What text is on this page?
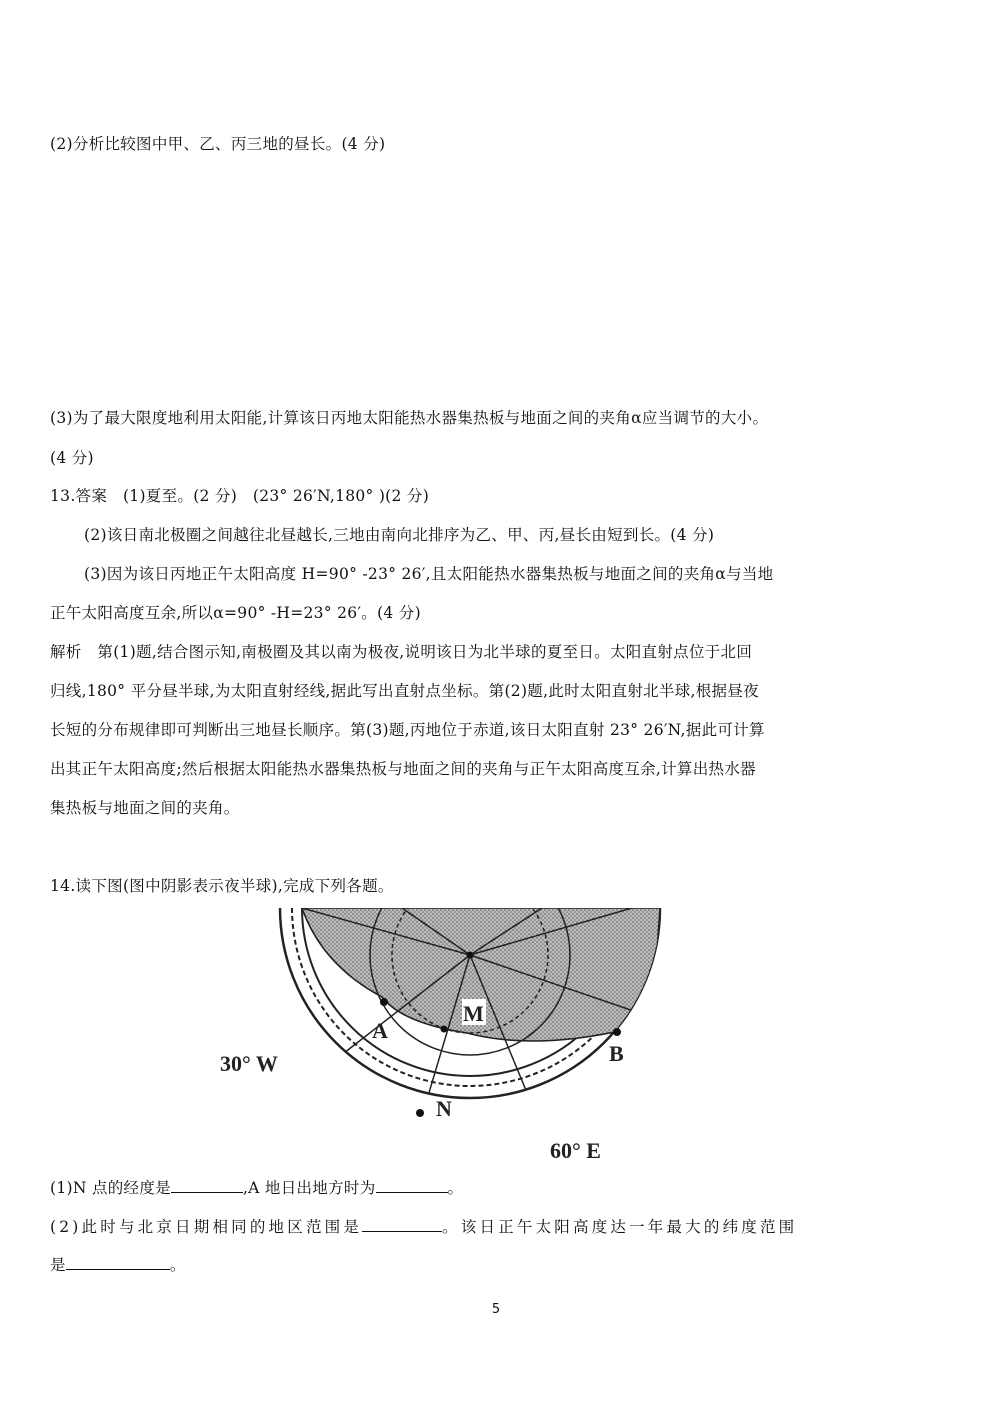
(2)分析比较图中甲、乙、丙三地的昼长。(4 分)
(3)为了最大限度地利用太阳能,计算该日丙地太阳能热水器集热板与地面之间的夹角α应当调节的大小。
(4 分)
13.答案　(1)夏至。(2 分)　(23° 26′N,180° )(2 分)
(2)该日南北极圈之间越往北昼越长,三地由南向北排序为乙、甲、丙,昼长由短到长。(4 分)
(3)因为该日丙地正午太阳高度 H=90° -23° 26′,且太阳能热水器集热板与地面之间的夹角α与当地
正午太阳高度互余,所以α=90° -H=23° 26′。(4 分)
解析　第(1)题,结合图示知,南极圈及其以南为极夜,说明该日为北半球的夏至日。太阳直射点位于北回
归线,180° 平分昼半球,为太阳直射经线,据此写出直射点坐标。第(2)题,此时太阳直射北半球,根据昼夜
长短的分布规律即可判断出三地昼长顺序。第(3)题,丙地位于赤道,该日太阳直射 23° 26′N,据此可计算
出其正午太阳高度;然后根据太阳能热水器集热板与地面之间的夹角与正午太阳高度互余,计算出热水器
集热板与地面之间的夹角。
14.读下图(图中阴影表示夜半球),完成下列各题。
A
M
B
N
30° W
60° E
(1)N 点的经度是	,A 地日出地方时为	。
(2)此时与北京日期相同的地区范围是	。该日正午太阳高度达一年最大的纬度范围
是	。
5
